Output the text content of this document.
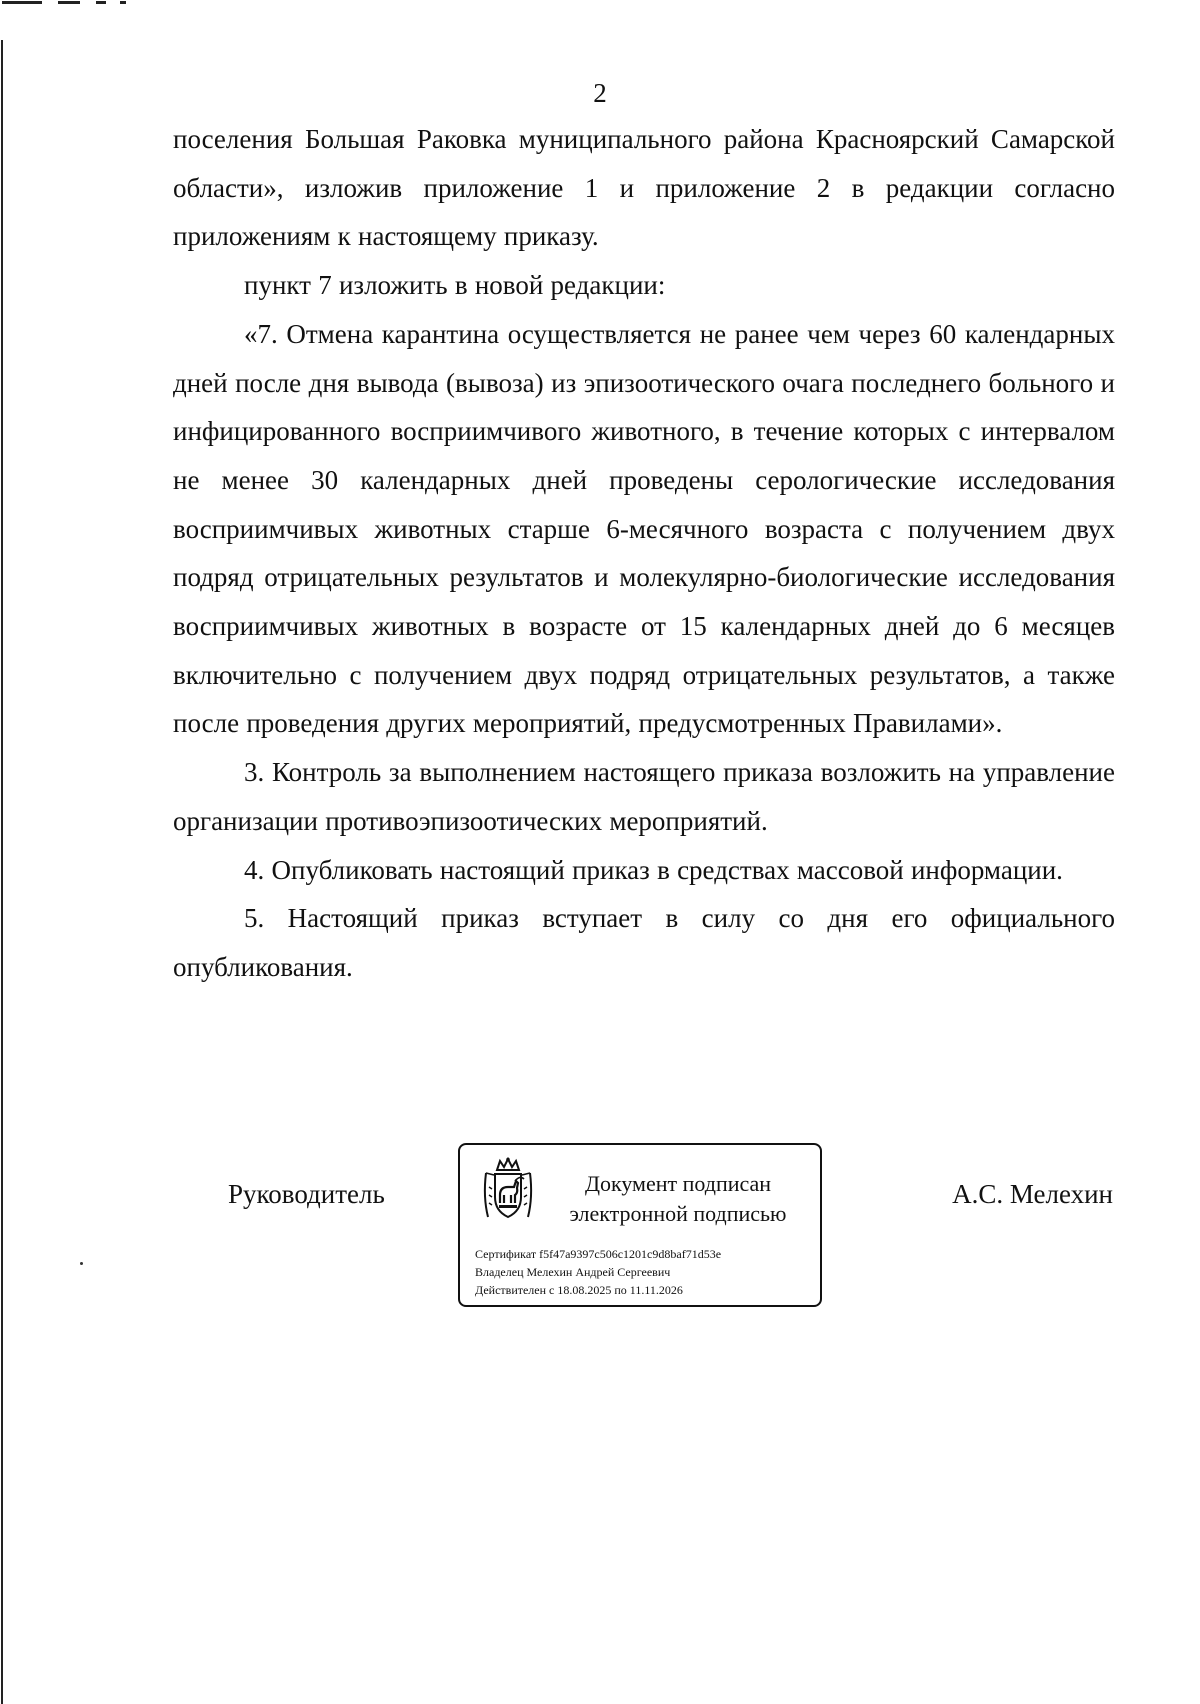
2

поселения Большая Раковка муниципального района Красноярский Самарской области», изложив приложение 1 и приложение 2 в редакции согласно приложениям к настоящему приказу.

пункт 7 изложить в новой редакции:

«7. Отмена карантина осуществляется не ранее чем через 60 календарных дней после дня вывода (вывоза) из эпизоотического очага последнего больного и инфицированного восприимчивого животного, в течение которых с интервалом не менее 30 календарных дней проведены серологические исследования восприимчивых животных старше 6-месячного возраста с получением двух подряд отрицательных результатов и молекулярно-биологические исследования восприимчивых животных в возрасте от 15 календарных дней до 6 месяцев включительно с получением двух подряд отрицательных результатов, а также после проведения других мероприятий, предусмотренных Правилами».

3. Контроль за выполнением настоящего приказа возложить на управление организации противоэпизоотических мероприятий.

4. Опубликовать настоящий приказ в средствах массовой информации.

5. Настоящий приказ вступает в силу со дня его официального опубликования.

Руководитель	Документ подписан
электронной подписью
Сертификат f5f47a9397c506c1201c9d8baf71d53e
Владелец Мелехин Андрей Сергеевич
Действителен с 18.08.2025 по 11.11.2026
А.С. Мелехин
